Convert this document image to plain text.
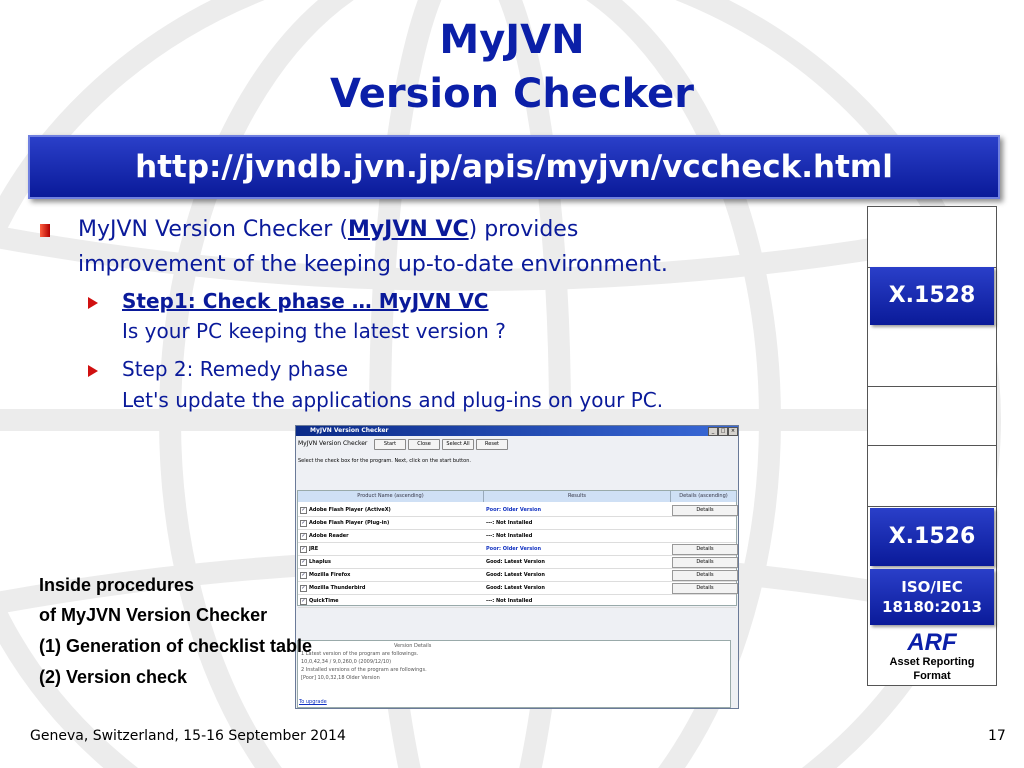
MyJVN
Version Checker
http://jvndb.jvn.jp/apis/myjvn/vccheck.html
MyJVN Version Checker (MyJVN VC) provides
improvement of the keeping up-to-date environment.
Step1: Check phase … MyJVN VC
Is your PC keeping the latest version ?
Step 2: Remedy phase
Let's update the applications and plug-ins on your PC.
X.1528
X.1526
ISO/IEC
18180:2013
ARF
Asset Reporting
Format
MyJVN Version Checker	_	□	×
MyJVN Version Checker	Start	Close	Select All	Reset
Select the check box for the program. Next, click on the start button.
Product Name (ascending)	Results	Details (ascending)
✓ Adobe Flash Player (ActiveX)	Poor: Older Version	Details
✓ Adobe Flash Player (Plug-in)	---: Not Installed
✓ Adobe Reader	---: Not Installed
✓ JRE	Poor: Older Version	Details
✓ Lhaplus	Good: Latest Version	Details
✓ Mozilla Firefox	Good: Latest Version	Details
✓ Mozilla Thunderbird	Good: Latest Version	Details
✓ QuickTime	---: Not Installed
Version Details
1 Latest version of the program are followings.
10,0,42,34 / 9,0,260,0 (2009/12/10)
2 Installed versions of the program are followings.
[Poor] 10,0,32,18 Older Version
To upgrade
Inside procedures
of MyJVN Version Checker
(1) Generation of checklist table
(2) Version check
Geneva, Switzerland, 15-16 September 2014	17
